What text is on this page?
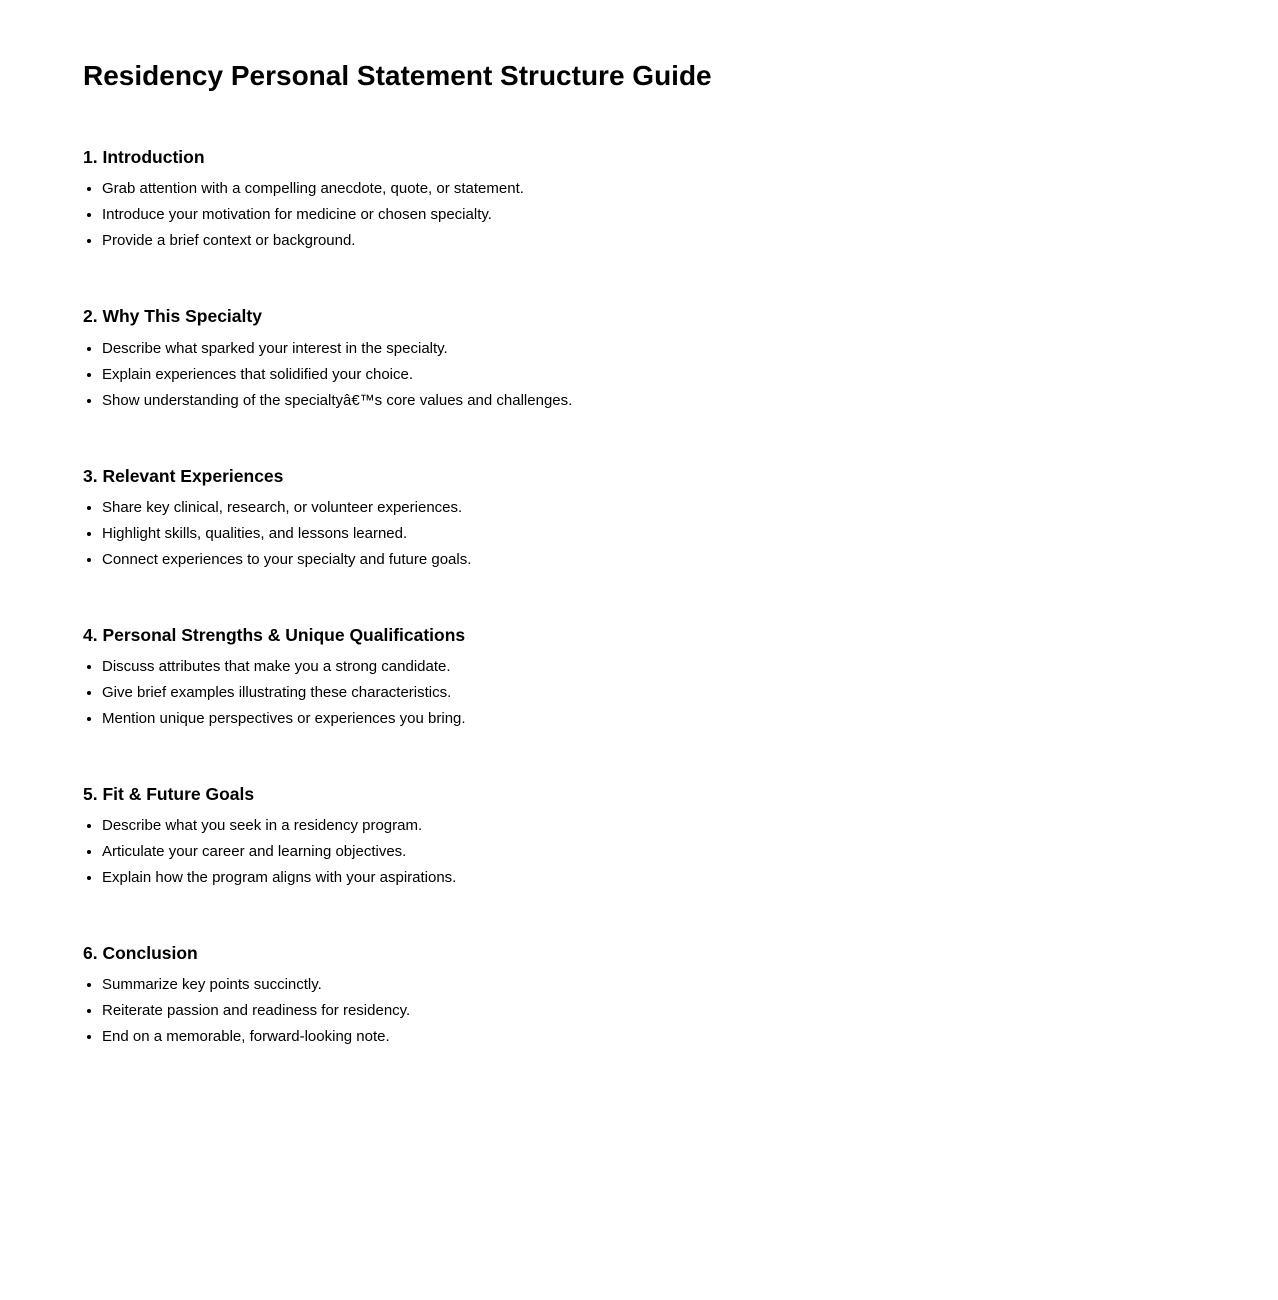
Residency Personal Statement Structure Guide
1. Introduction
• Grab attention with a compelling anecdote, quote, or statement.
• Introduce your motivation for medicine or chosen specialty.
• Provide a brief context or background.
2. Why This Specialty
• Describe what sparked your interest in the specialty.
• Explain experiences that solidified your choice.
• Show understanding of the specialtyâ€™s core values and challenges.
3. Relevant Experiences
• Share key clinical, research, or volunteer experiences.
• Highlight skills, qualities, and lessons learned.
• Connect experiences to your specialty and future goals.
4. Personal Strengths & Unique Qualifications
• Discuss attributes that make you a strong candidate.
• Give brief examples illustrating these characteristics.
• Mention unique perspectives or experiences you bring.
5. Fit & Future Goals
• Describe what you seek in a residency program.
• Articulate your career and learning objectives.
• Explain how the program aligns with your aspirations.
6. Conclusion
• Summarize key points succinctly.
• Reiterate passion and readiness for residency.
• End on a memorable, forward-looking note.
